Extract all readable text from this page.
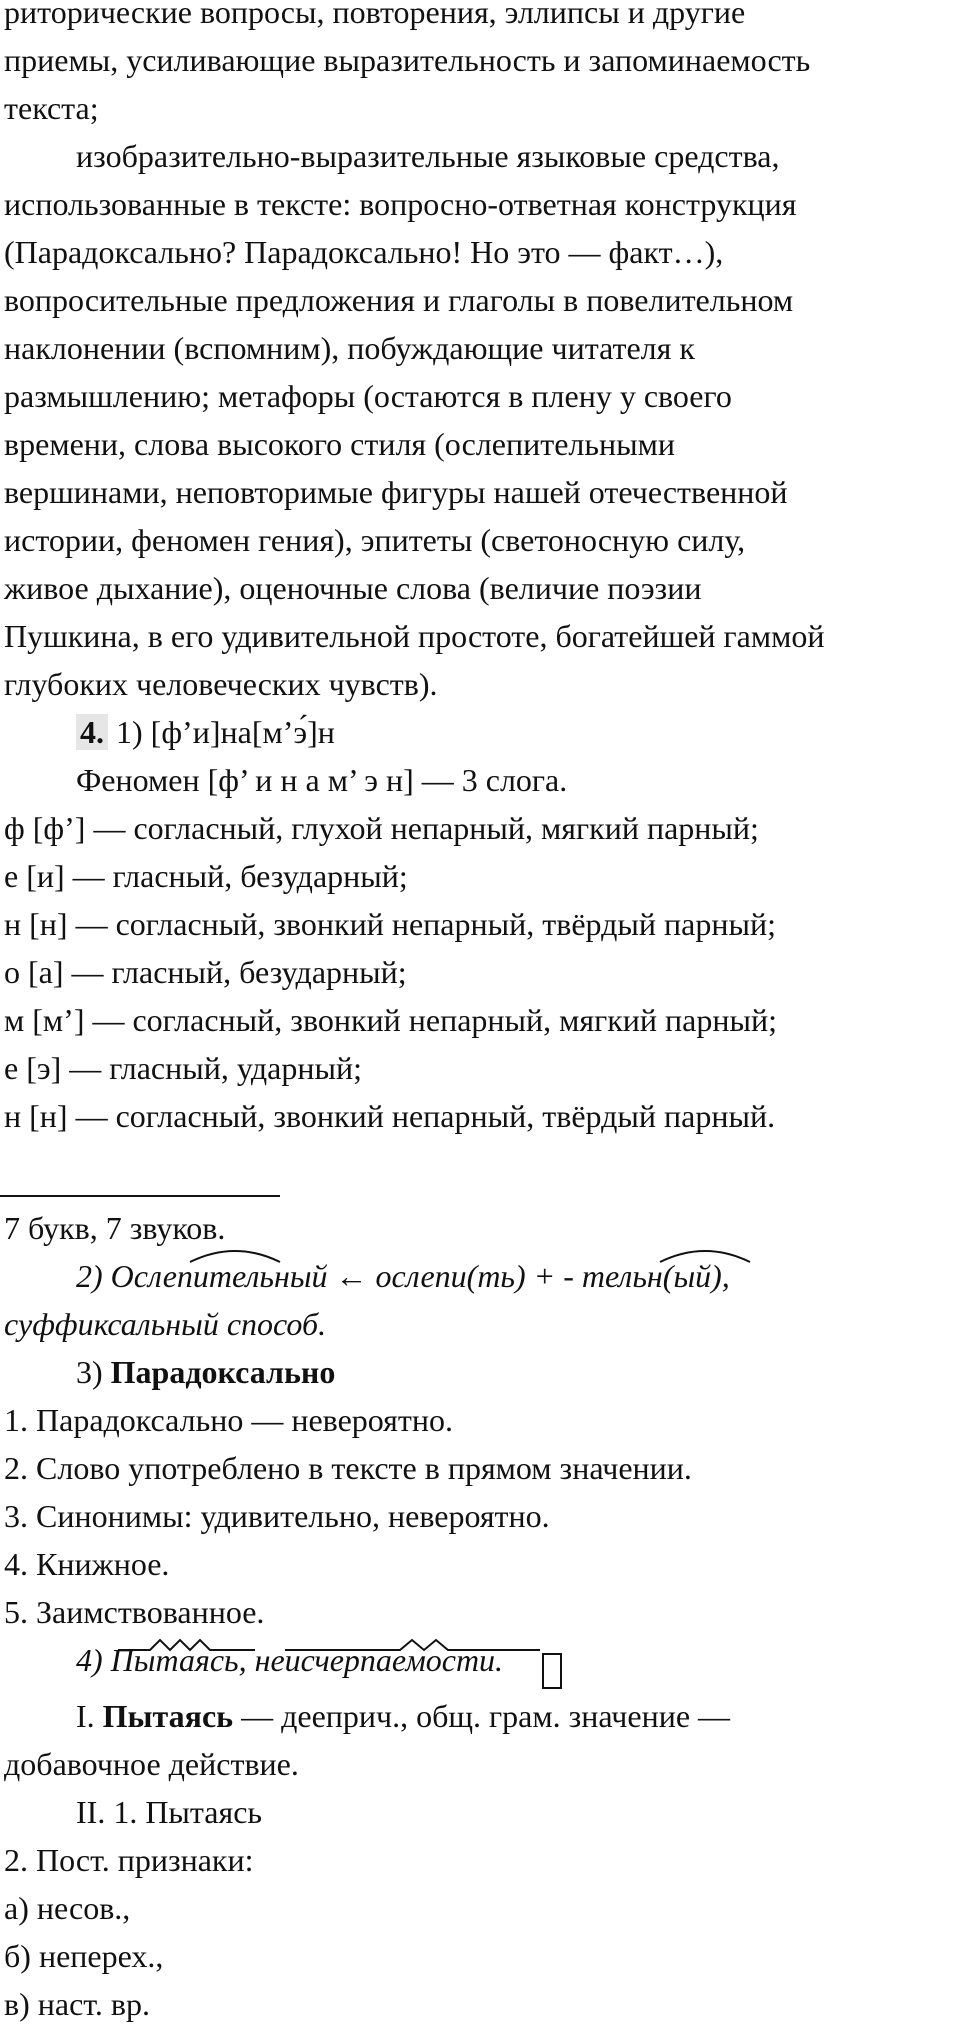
риторические вопросы, повторения, эллипсы и другие
приемы, усиливающие выразительность и запоминаемость
текста;
изобразительно-выразительные языковые средства,
использованные в тексте: вопросно-ответная конструкция
(Парадоксально? Парадоксально! Но это — факт…),
вопросительные предложения и глаголы в повелительном
наклонении (вспомним), побуждающие читателя к
размышлению; метафоры (остаются в плену у своего
времени, слова высокого стиля (ослепительными
вершинами, неповторимые фигуры нашей отечественной
истории, феномен гения), эпитеты (светоносную силу,
живое дыхание), оценочные слова (величие поэзии
Пушкина, в его удивительной простоте, богатейшей гаммой
глубоких человеческих чувств).
4. 1) [ф’и]на[м’э́]н
Феномен [ф’ и н а м’ э н] — 3 слога.
ф [ф’] — согласный, глухой непарный, мягкий парный;
е [и] — гласный, безударный;
н [н] — согласный, звонкий непарный, твёрдый парный;
о [а] — гласный, безударный;
м [м’] — согласный, звонкий непарный, мягкий парный;
е [э] — гласный, ударный;
н [н] — согласный, звонкий непарный, твёрдый парный.
7 букв, 7 звуков.
2) Ослепительный ← ослепи(ть) + - тельн(ый),
суффиксальный способ.
3) Парадоксально
1. Парадоксально — невероятно.
2. Слово употреблено в тексте в прямом значении.
3. Синонимы: удивительно, невероятно.
4. Книжное.
5. Заимствованное.
4) Пытаясь, неисчерпаемости.
I. Пытаясь — дееприч., общ. грам. значение —
добавочное действие.
II. 1. Пытаясь
2. Пост. признаки:
а) несов.,
б) неперех.,
в) наст. вр.
